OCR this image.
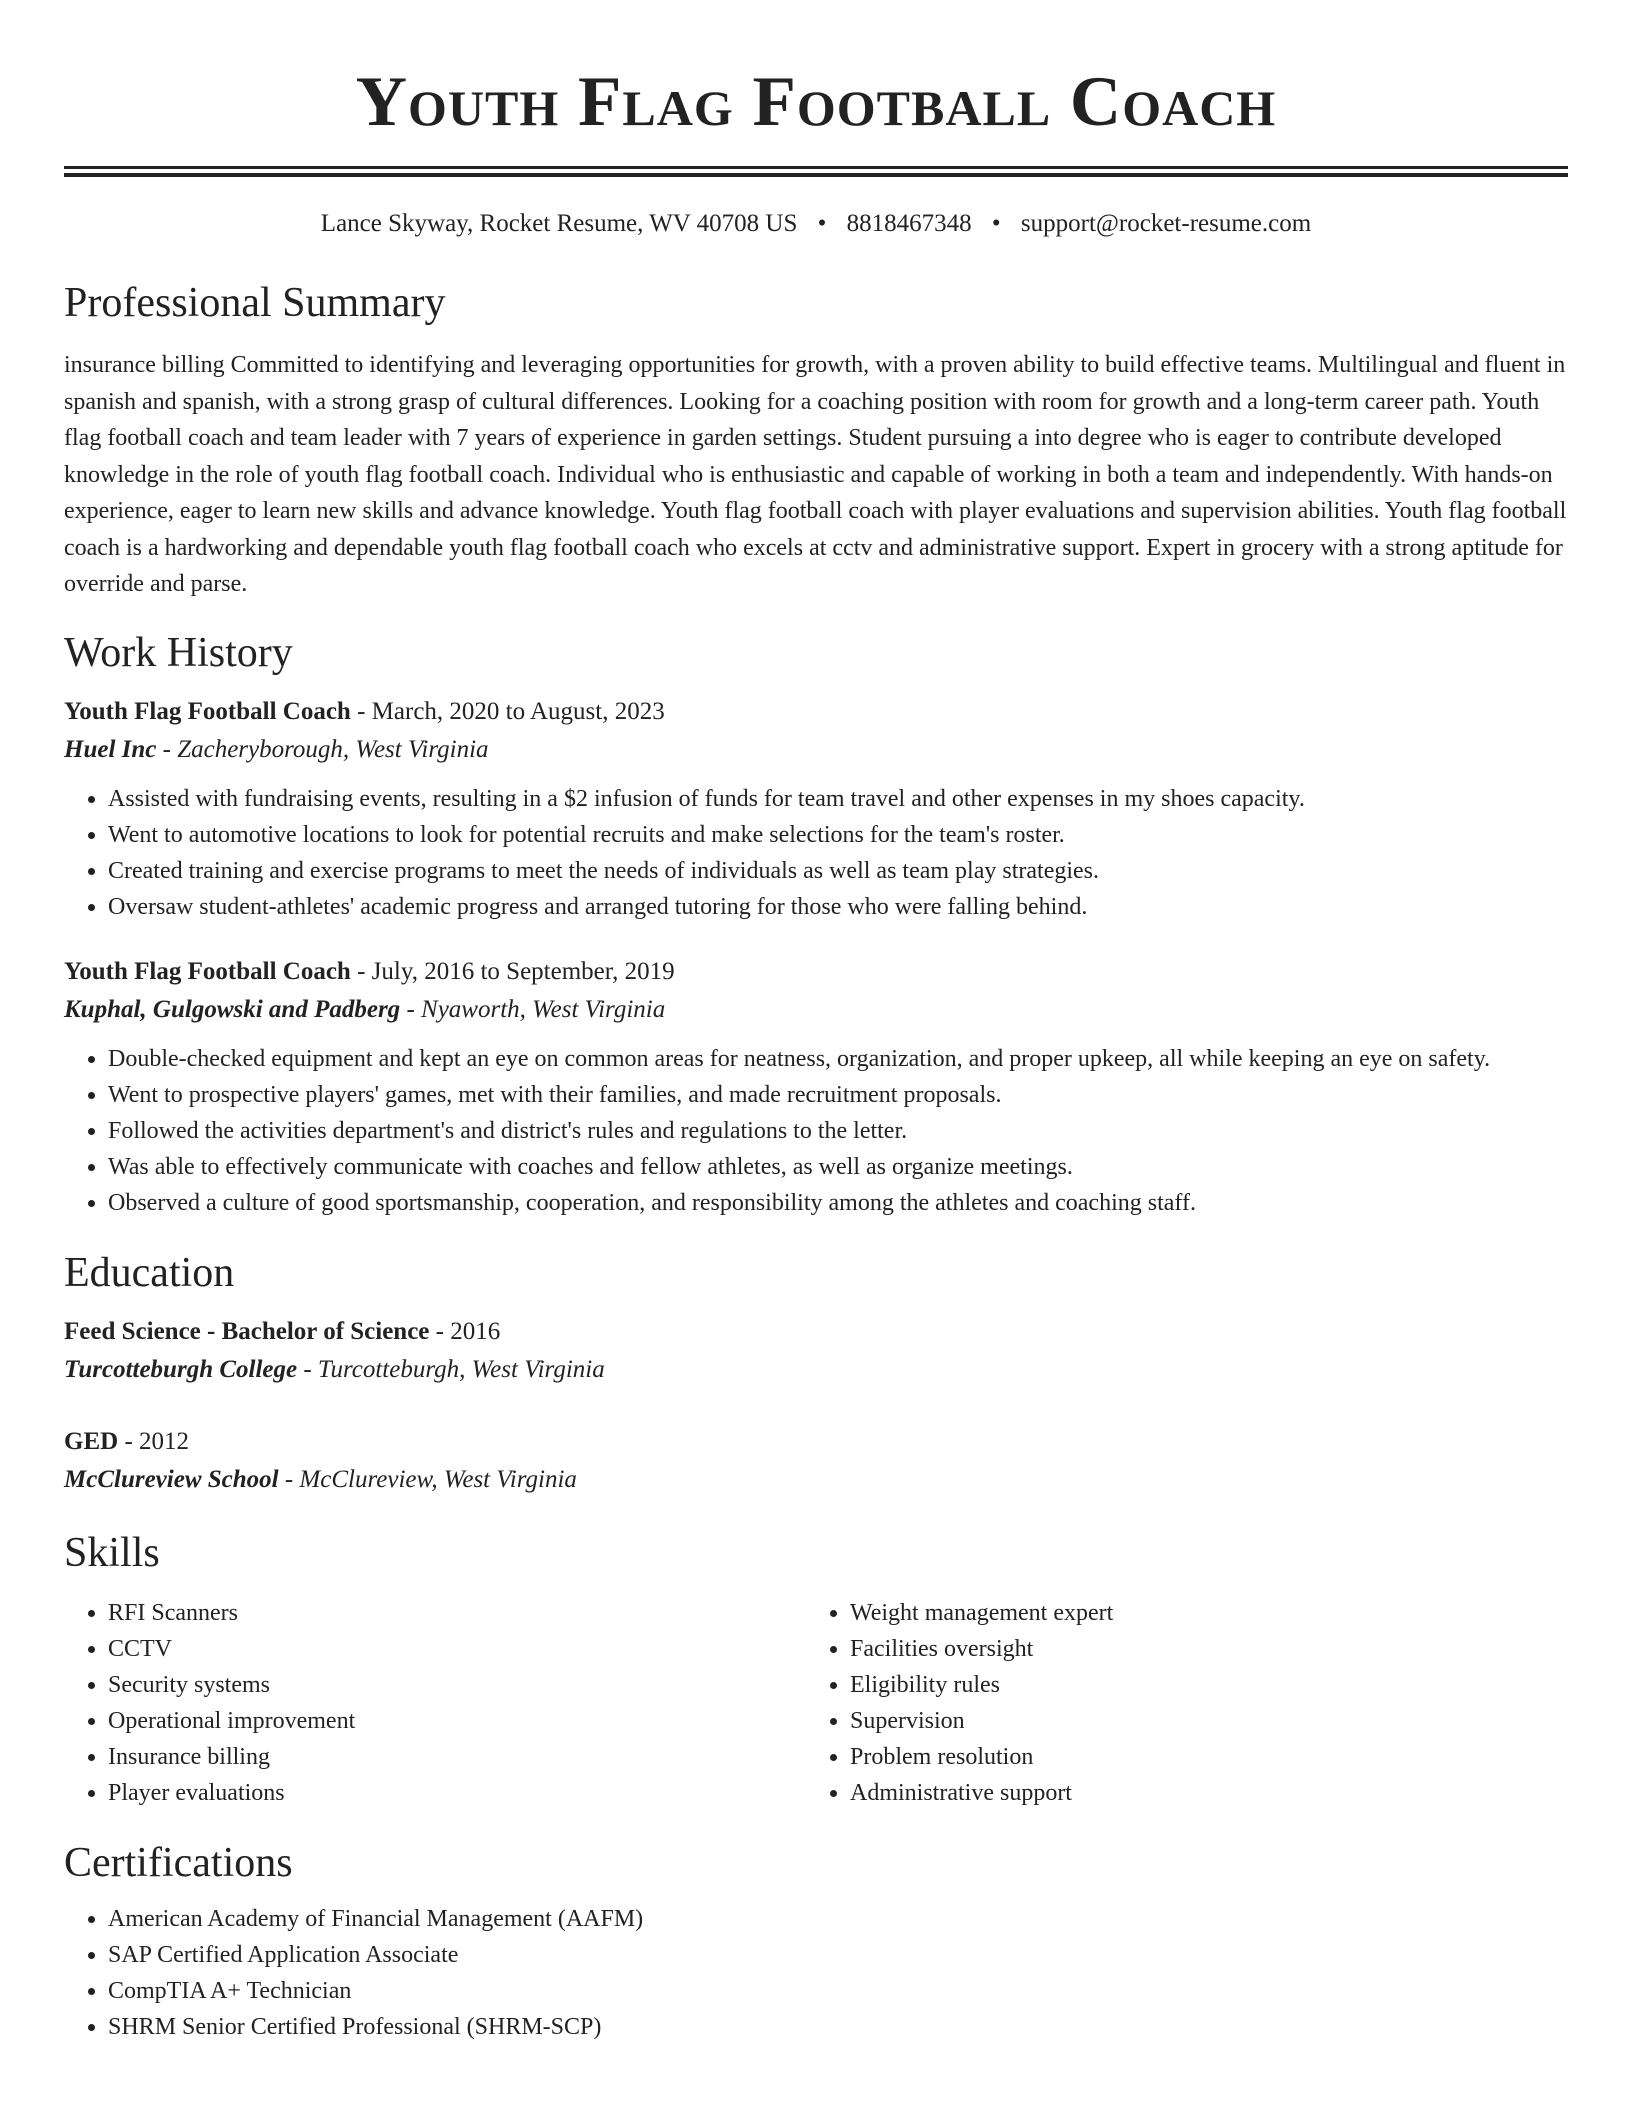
Youth Flag Football Coach
Lance Skyway, Rocket Resume, WV 40708 US • 8818467348 • support@rocket-resume.com
Professional Summary

insurance billing Committed to identifying and leveraging opportunities for growth, with a proven ability to build effective teams. Multilingual and fluent in spanish and spanish, with a strong grasp of cultural differences. Looking for a coaching position with room for growth and a long-term career path. Youth flag football coach and team leader with 7 years of experience in garden settings. Student pursuing a into degree who is eager to contribute developed knowledge in the role of youth flag football coach. Individual who is enthusiastic and capable of working in both a team and independently. With hands-on experience, eager to learn new skills and advance knowledge. Youth flag football coach with player evaluations and supervision abilities. Youth flag football coach is a hardworking and dependable youth flag football coach who excels at cctv and administrative support. Expert in grocery with a strong aptitude for override and parse.

Work History
Youth Flag Football Coach - March, 2020 to August, 2023
Huel Inc - Zacheryborough, West Virginia
• Assisted with fundraising events, resulting in a $2 infusion of funds for team travel and other expenses in my shoes capacity.
• Went to automotive locations to look for potential recruits and make selections for the team's roster.
• Created training and exercise programs to meet the needs of individuals as well as team play strategies.
• Oversaw student-athletes' academic progress and arranged tutoring for those who were falling behind.
Youth Flag Football Coach - July, 2016 to September, 2019
Kuphal, Gulgowski and Padberg - Nyaworth, West Virginia
• Double-checked equipment and kept an eye on common areas for neatness, organization, and proper upkeep, all while keeping an eye on safety.
• Went to prospective players' games, met with their families, and made recruitment proposals.
• Followed the activities department's and district's rules and regulations to the letter.
• Was able to effectively communicate with coaches and fellow athletes, as well as organize meetings.
• Observed a culture of good sportsmanship, cooperation, and responsibility among the athletes and coaching staff.
Education
Feed Science - Bachelor of Science - 2016
Turcotteburgh College - Turcotteburgh, West Virginia
GED - 2012
McClureview School - McClureview, West Virginia
Skills
• RFI Scanners
• CCTV
• Security systems
• Operational improvement
• Insurance billing
• Player evaluations
• Weight management expert
• Facilities oversight
• Eligibility rules
• Supervision
• Problem resolution
• Administrative support
Certifications
• American Academy of Financial Management (AAFM)
• SAP Certified Application Associate
• CompTIA A+ Technician
• SHRM Senior Certified Professional (SHRM-SCP)
